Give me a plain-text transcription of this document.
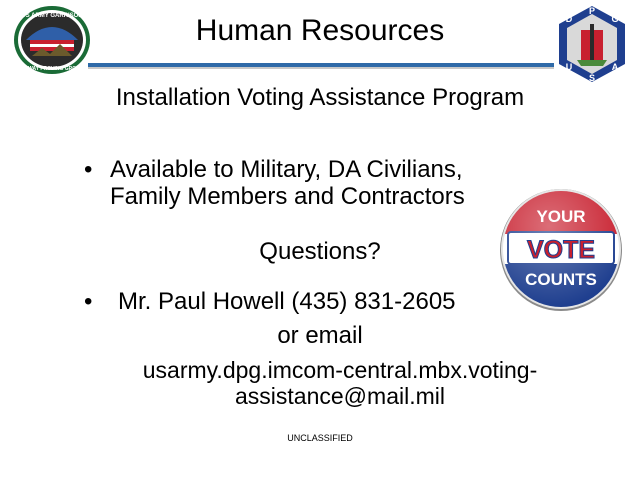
US ARMY GARRISON
DUGWAY PROVING GROUND
Human Resources	D
P
G
U
S
A
Installation Voting Assistance Program
• Available to Military, DA Civilians,
Family Members and Contractors
Questions?
•	Mr. Paul Howell (435) 831-2605
or email
usarmy.dpg.imcom-central.mbx.voting-
assistance@mail.mil
YOUR
VOTE
COUNTS
UNCLASSIFIED
